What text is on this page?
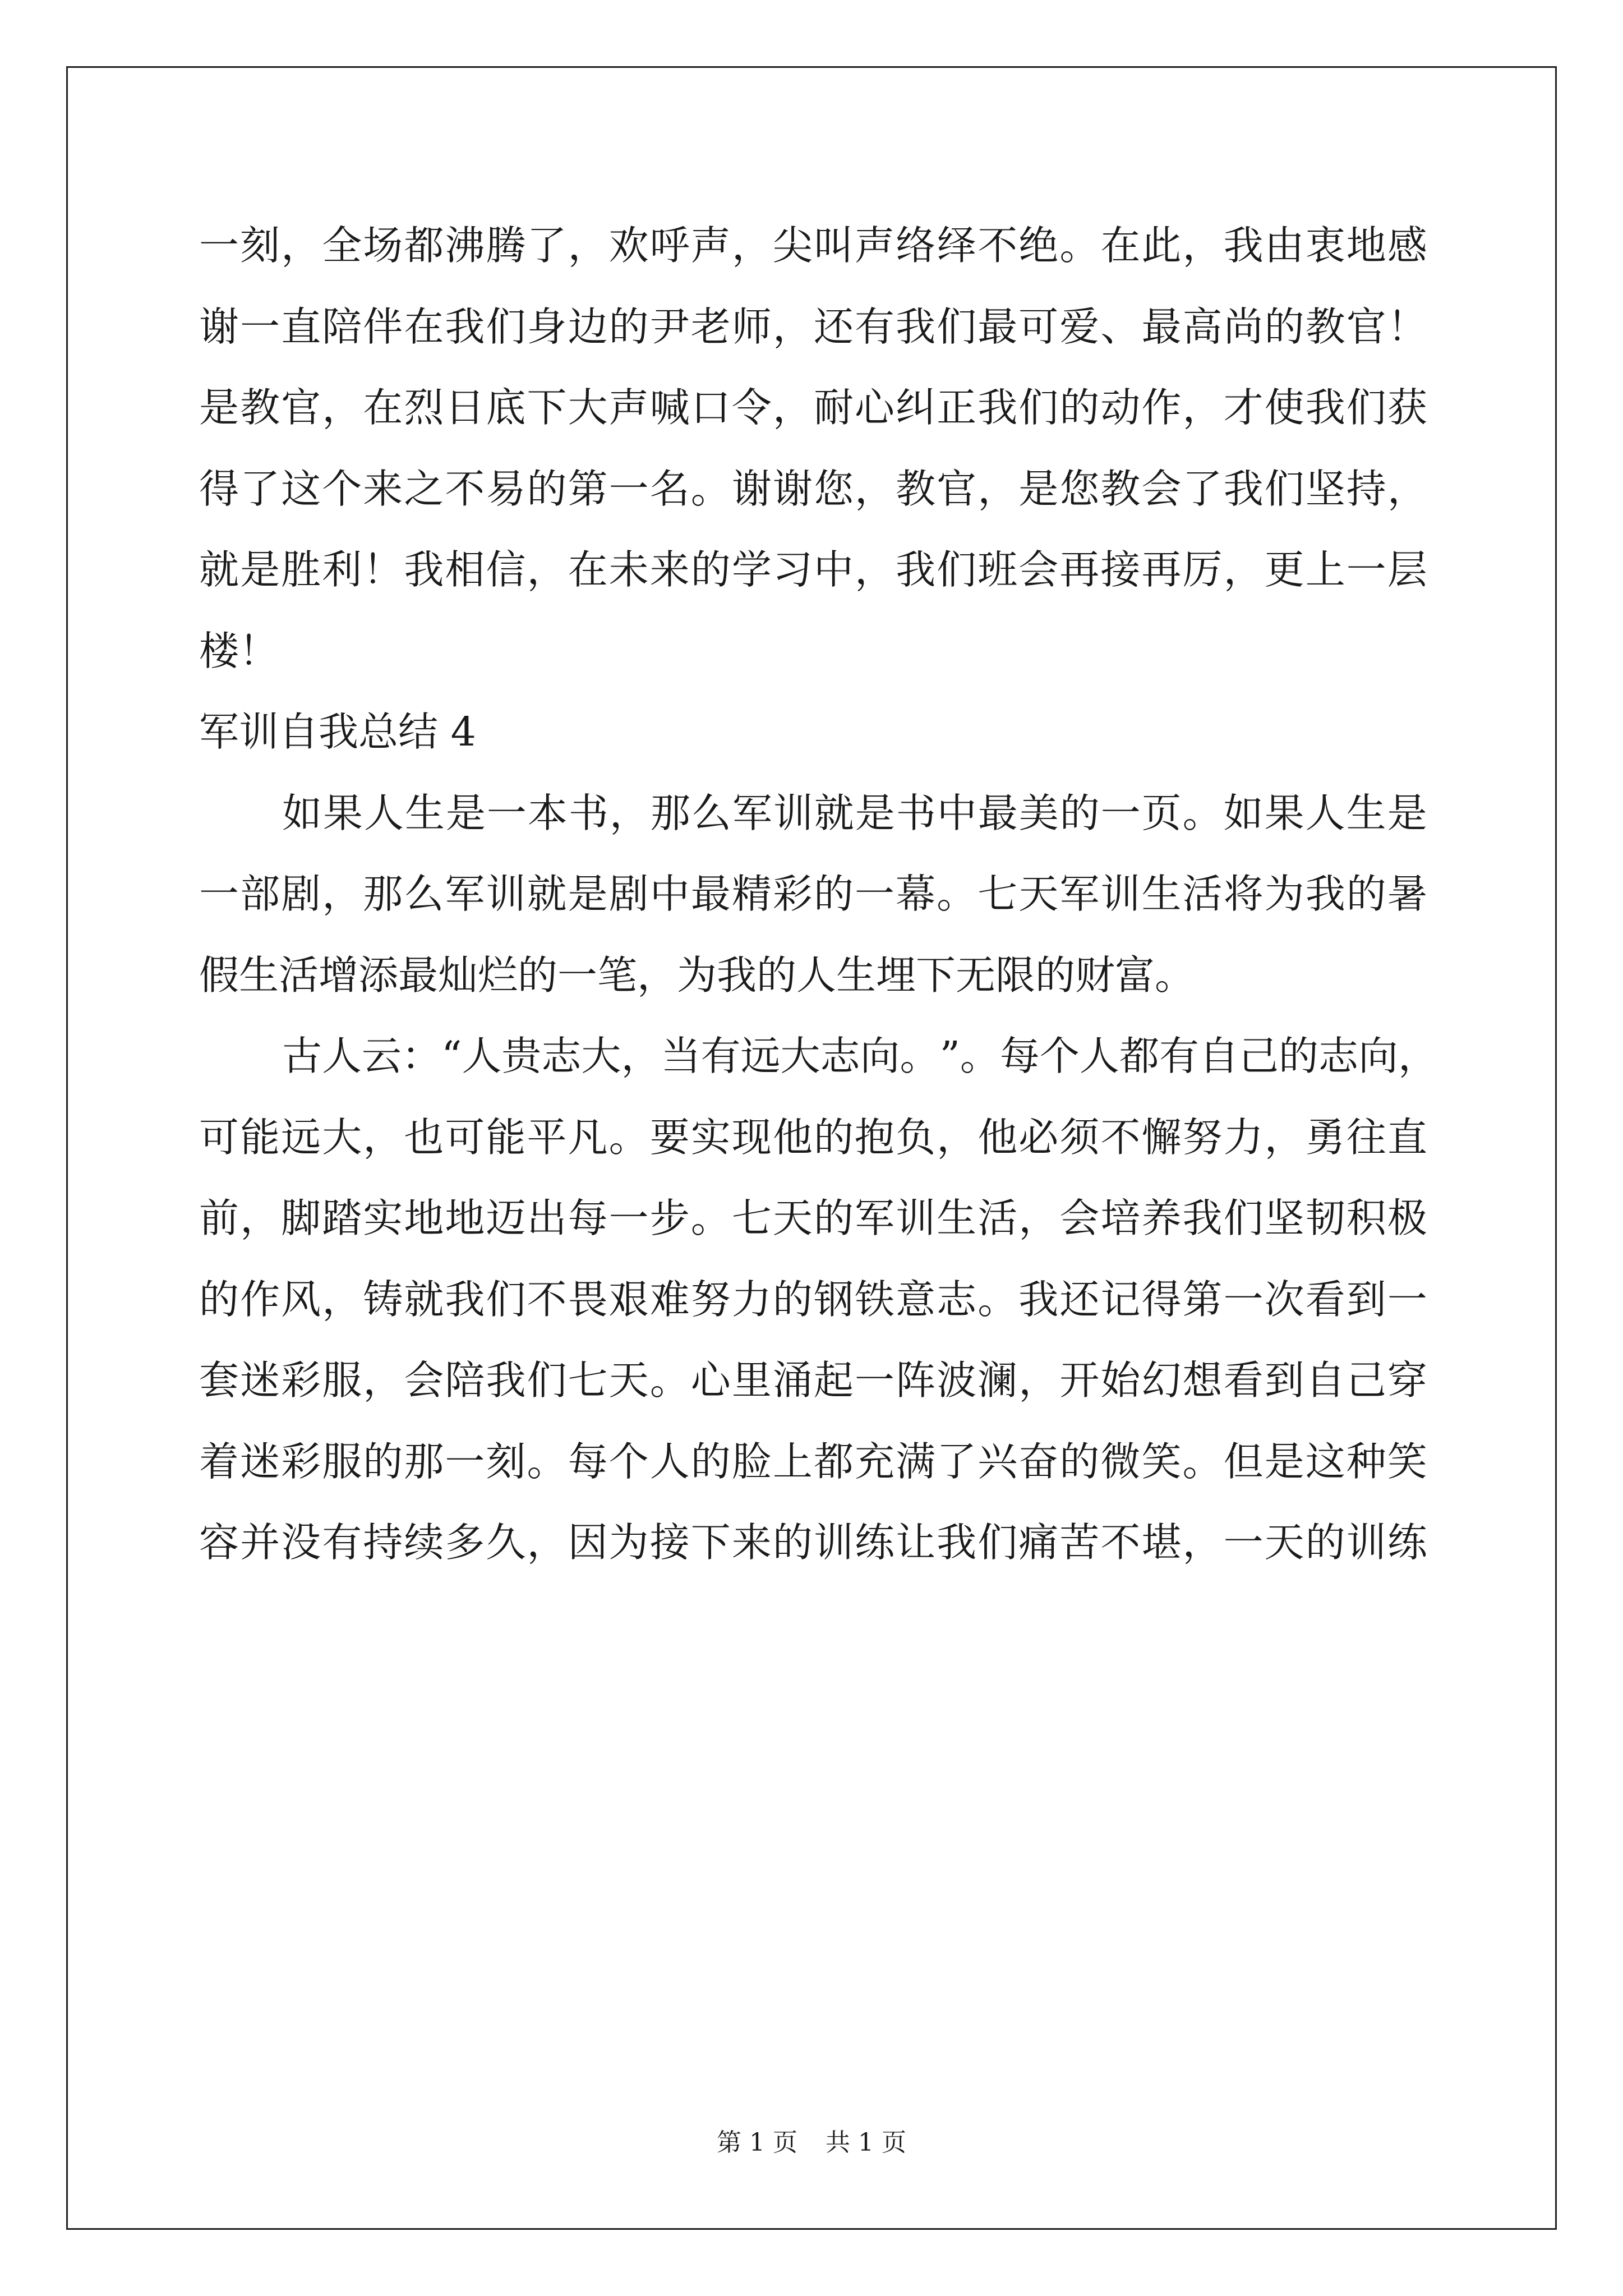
一 刻 ， 全 场 都 沸 腾 了 ， 欢 呼 声 ， 尖 叫 声 络 绎 不 绝 。 在 此 ， 我 由 衷 地 感
谢 一 直 陪 伴 在 我 们 身 边 的 尹 老 师 ， 还 有 我 们 最 可 爱 、 最 高 尚 的 教 官 ！
是 教 官 ， 在 烈 日 底 下 大 声 喊 口 令 ， 耐 心 纠 正 我 们 的 动 作 ， 才 使 我 们 获
得 了 这 个 来 之 不 易 的 第 一 名 。 谢 谢 您 ， 教 官 ， 是 您 教 会 了 我 们 坚 持 ，
就 是 胜 利 ！ 我 相 信 ， 在 未 来 的 学 习 中 ， 我 们 班 会 再 接 再 厉 ， 更 上 一 层
楼！
军训自我总结 4
如 果 人 生 是 一 本 书 ， 那 么 军 训 就 是 书 中 最 美 的 一 页 。 如 果 人 生 是
一 部 剧 ， 那 么 军 训 就 是 剧 中 最 精 彩 的 一 幕 。 七 天 军 训 生 活 将 为 我 的 暑
假生活增添最灿烂的一笔，为我的人生埋下无限的财富。
古 人 云 ： “ 人 贵 志 大 ， 当 有 远 大 志 向 。 ” 。 每 个 人 都 有 自 己 的 志 向 ，
可 能 远 大 ， 也 可 能 平 凡 。 要 实 现 他 的 抱 负 ， 他 必 须 不 懈 努 力 ， 勇 往 直
前 ， 脚 踏 实 地 地 迈 出 每 一 步 。 七 天 的 军 训 生 活 ， 会 培 养 我 们 坚 韧 积 极
的 作 风 ， 铸 就 我 们 不 畏 艰 难 努 力 的 钢 铁 意 志 。 我 还 记 得 第 一 次 看 到 一
套 迷 彩 服 ， 会 陪 我 们 七 天 。 心 里 涌 起 一 阵 波 澜 ， 开 始 幻 想 看 到 自 己 穿
着 迷 彩 服 的 那 一 刻 。 每 个 人 的 脸 上 都 充 满 了 兴 奋 的 微 笑 。 但 是 这 种 笑
容 并 没 有 持 续 多 久 ， 因 为 接 下 来 的 训 练 让 我 们 痛 苦 不 堪 ， 一 天 的 训 练
第 1 页 共 1 页
